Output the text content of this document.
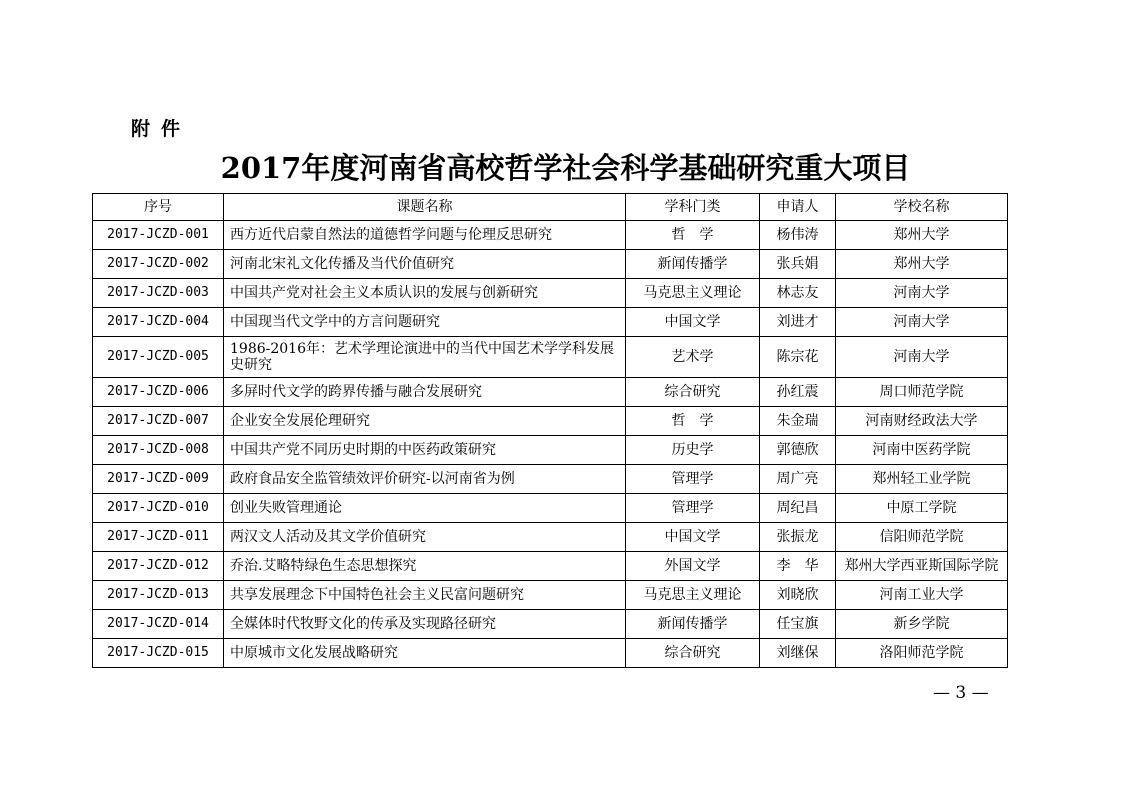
附件
2017年度河南省高校哲学社会科学基础研究重大项目
序号	课题名称	学科门类	申请人	学校名称
2017-JCZD-001	西方近代启蒙自然法的道德哲学问题与伦理反思研究	哲　学	杨伟涛	郑州大学
2017-JCZD-002	河南北宋礼文化传播及当代价值研究	新闻传播学	张兵娟	郑州大学
2017-JCZD-003	中国共产党对社会主义本质认识的发展与创新研究	马克思主义理论	林志友	河南大学
2017-JCZD-004	中国现当代文学中的方言问题研究	中国文学	刘进才	河南大学
2017-JCZD-005	1986-2016年：艺术学理论演进中的当代中国艺术学学科发展史研究	艺术学	陈宗花	河南大学
2017-JCZD-006	多屏时代文学的跨界传播与融合发展研究	综合研究	孙红震	周口师范学院
2017-JCZD-007	企业安全发展伦理研究	哲　学	朱金瑞	河南财经政法大学
2017-JCZD-008	中国共产党不同历史时期的中医药政策研究	历史学	郭德欣	河南中医药学院
2017-JCZD-009	政府食品安全监管绩效评价研究-以河南省为例	管理学	周广亮	郑州轻工业学院
2017-JCZD-010	创业失败管理通论	管理学	周纪昌	中原工学院
2017-JCZD-011	两汉文人活动及其文学价值研究	中国文学	张振龙	信阳师范学院
2017-JCZD-012	乔治.艾略特绿色生态思想探究	外国文学	李　华	郑州大学西亚斯国际学院
2017-JCZD-013	共享发展理念下中国特色社会主义民富问题研究	马克思主义理论	刘晓欣	河南工业大学
2017-JCZD-014	全媒体时代牧野文化的传承及实现路径研究	新闻传播学	任宝旗	新乡学院
2017-JCZD-015	中原城市文化发展战略研究	综合研究	刘继保	洛阳师范学院
— 3 —
